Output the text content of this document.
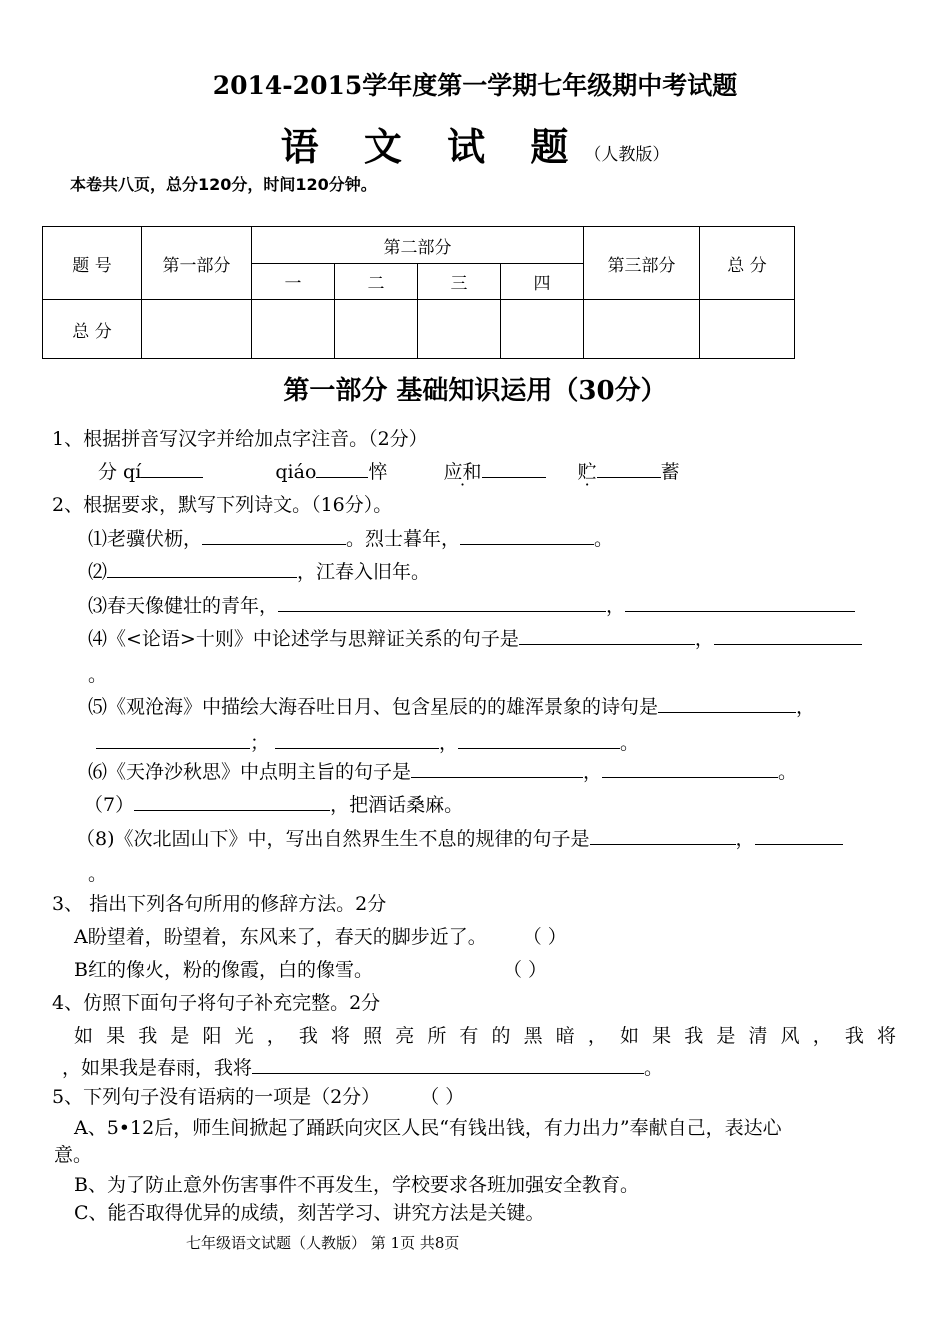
2014-2015学年度第一学期七年级期中考试题
语 文 试 题（人教版）
本卷共八页，总分120分，时间120分钟。
题 号	第一部分	第二部分				第三部分	总 分
		一	二	三	四		
总 分							
第一部分 基础知识运用（30分）
1、根据拼音写汉字并给加点字注音。（2分）
分 qí	qiáo	悴	应和	贮	蓄
2、根据要求，默写下列诗文。（16分）。
⑴老骥伏枥，	。烈士暮年，	。
⑵	，江春入旧年。
⑶春天像健壮的青年，	，
⑷《<论语>十则》中论述学与思辩证关系的句子是	，
。
⑸《观沧海》中描绘大海吞吐日月、包含星辰的的雄浑景象的诗句是	，
；	，	。
⑹《天净沙秋思》中点明主旨的句子是	，	。
（7）	，把酒话桑麻。
（8)《次北固山下》中，写出自然界生生不息的规律的句子是	，
。
3、 指出下列各句所用的修辞方法。2分
A盼望着，盼望着，东风来了，春天的脚步近了。 （ ）
B红的像火，粉的像霞，白的像雪。	（ ）
4、仿照下面句子将句子补充完整。2分
如果我是阳光，我将照亮所有的黑暗，如果我是清风，我将
，如果我是春雨，我将	。
5、下列句子没有语病的一项是（2分） （ ）
A、5•12后，师生间掀起了踊跃向灾区人民“有钱出钱，有力出力”奉献自己，表达心
意。
B、为了防止意外伤害事件不再发生，学校要求各班加强安全教育。
C、能否取得优异的成绩，刻苦学习、讲究方法是关键。
七年级语文试题（人教版） 第 1页 共8页
